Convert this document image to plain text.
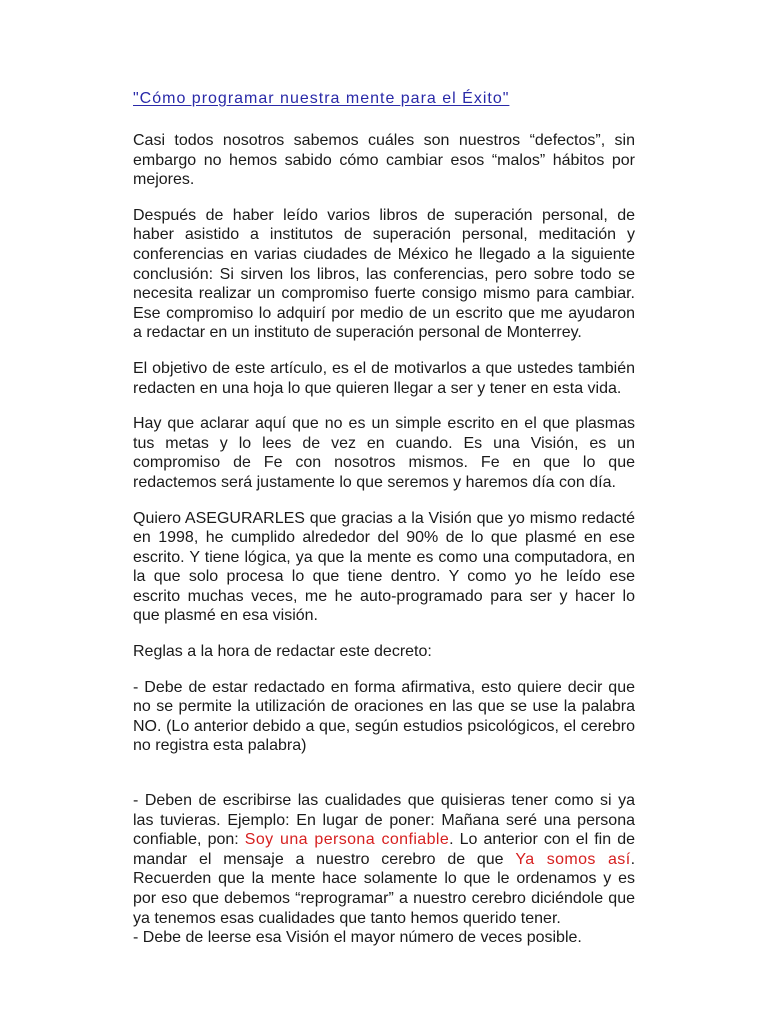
"Cómo programar nuestra mente para el Éxito"

Casi todos nosotros sabemos cuáles son nuestros “defectos”, sin embargo no hemos sabido cómo cambiar esos “malos” hábitos por mejores.

Después de haber leído varios libros de superación personal, de haber asistido a institutos de superación personal, meditación y conferencias en varias ciudades de México he llegado a la siguiente conclusión: Si sirven los libros, las conferencias, pero sobre todo se necesita realizar un compromiso fuerte consigo mismo para cambiar. Ese compromiso lo adquirí por medio de un escrito que me ayudaron a redactar en un instituto de superación personal de Monterrey.

El objetivo de este artículo, es el de motivarlos a que ustedes también redacten en una hoja lo que quieren llegar a ser y tener en esta vida.

Hay que aclarar aquí que no es un simple escrito en el que plasmas tus metas y lo lees de vez en cuando. Es una Visión, es un compromiso de Fe con nosotros mismos. Fe en que lo que redactemos será justamente lo que seremos y haremos día con día.

Quiero ASEGURARLES que gracias a la Visión que yo mismo redacté en 1998, he cumplido alrededor del 90% de lo que plasmé en ese escrito. Y tiene lógica, ya que la mente es como una computadora, en la que solo procesa lo que tiene dentro. Y como yo he leído ese escrito muchas veces, me he auto-programado para ser y hacer lo que plasmé en esa visión.

Reglas a la hora de redactar este decreto:

- Debe de estar redactado en forma afirmativa, esto quiere decir que no se permite la utilización de oraciones en las que se use la palabra NO. (Lo anterior debido a que, según estudios psicológicos, el cerebro no registra esta palabra)

- Deben de escribirse las cualidades que quisieras tener como si ya las tuvieras. Ejemplo: En lugar de poner: Mañana seré una persona confiable, pon: Soy una persona confiable. Lo anterior con el fin de mandar el mensaje a nuestro cerebro de que Ya somos así. Recuerden que la mente hace solamente lo que le ordenamos y es por eso que debemos “reprogramar” a nuestro cerebro diciéndole que ya tenemos esas cualidades que tanto hemos querido tener.
- Debe de leerse esa Visión el mayor número de veces posible.
